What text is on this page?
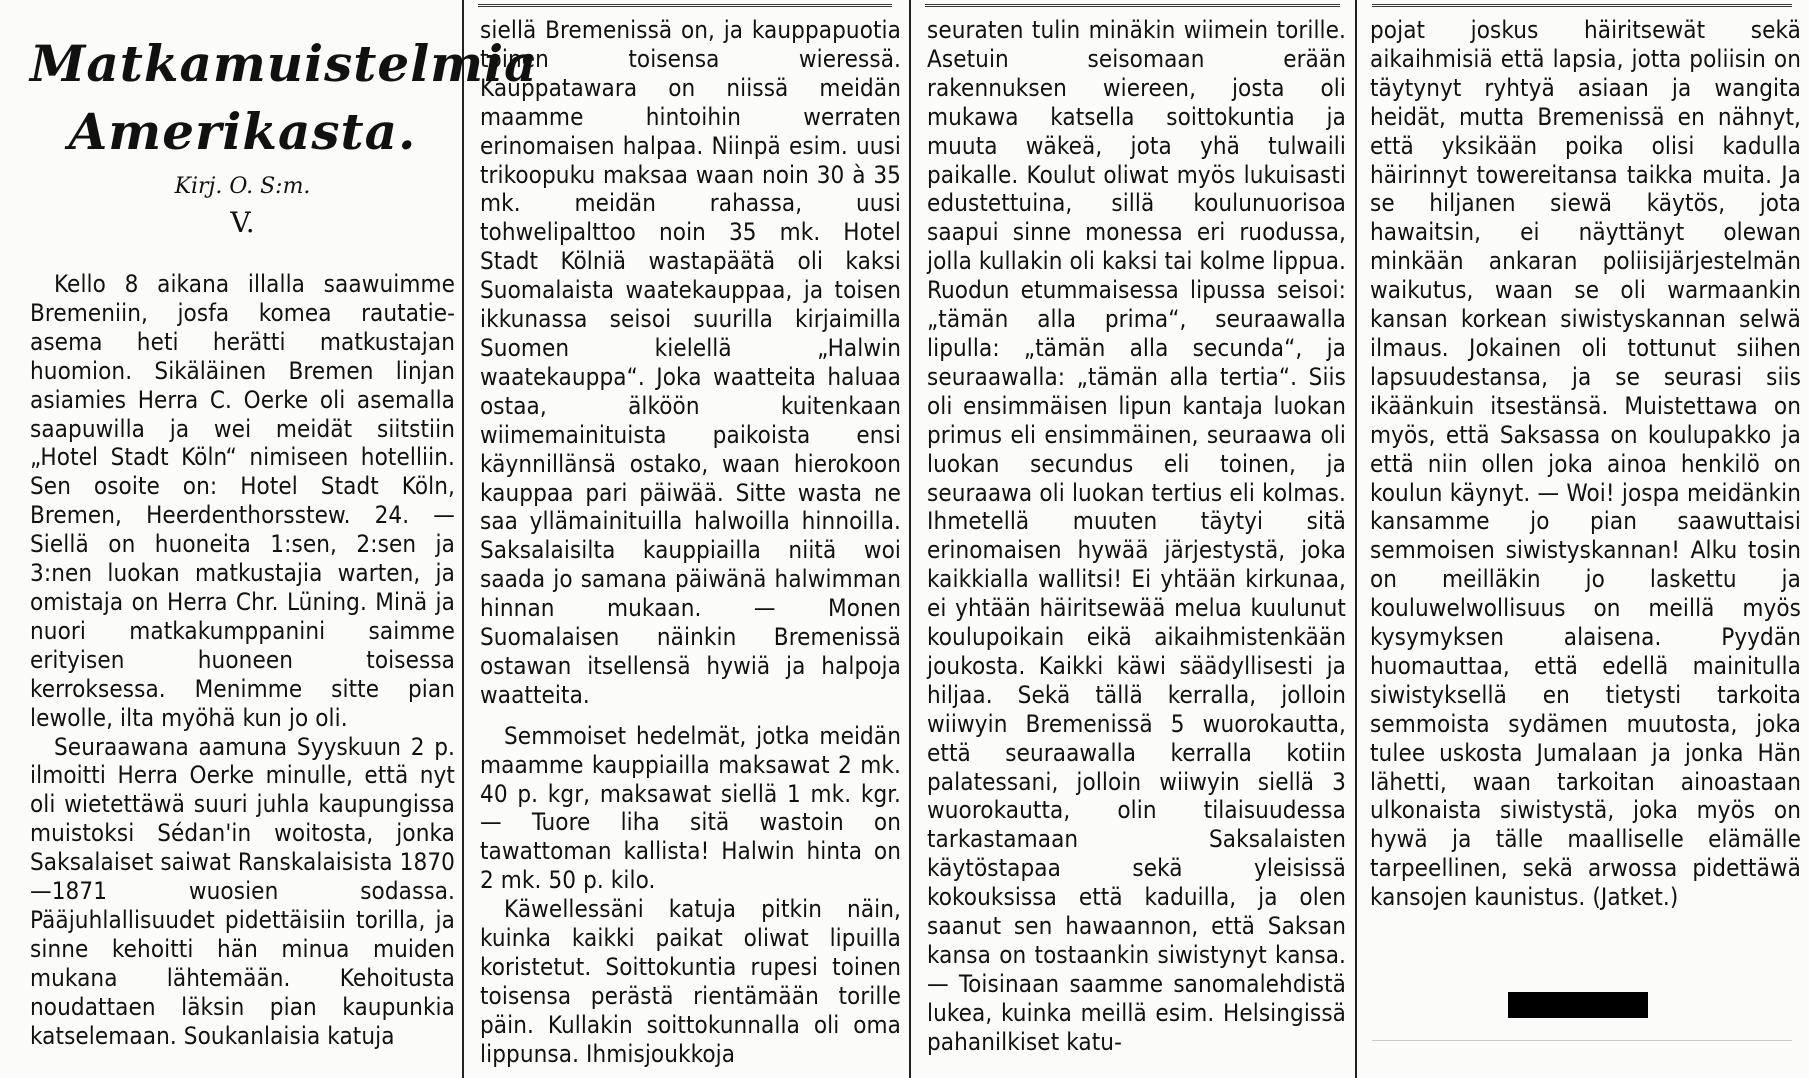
Matkamuistelmia
Amerikasta.
Kirj. O. S:m.
V.

Kello 8 aikana illalla saawuimme Bremeniin, josfa komea rautatie-asema heti herätti matkustajan huomion. Sikäläinen Bremen linjan asiamies Herra C. Oerke oli asemalla saapuwilla ja wei meidät siitstiin „Hotel Stadt Köln“ nimiseen hotelliin. Sen osoite on: Hotel Stadt Köln, Bremen, Heerdenthorsstew. 24. — Siellä on huoneita 1:sen, 2:sen ja 3:nen luokan matkustajia warten, ja omistaja on Herra Chr. Lüning. Minä ja nuori matkakumppanini saimme erityisen huoneen toisessa kerroksessa. Menimme sitte pian lewolle, ilta myöhä kun jo oli.

Seuraawana aamuna Syyskuun 2 p. ilmoitti Herra Oerke minulle, että nyt oli wietettäwä suuri juhla kaupungissa muistoksi Sédan'in woitosta, jonka Saksalaiset saiwat Ranskalaisista 1870—1871 wuosien sodassa. Pääjuhlallisuudet pidettäisiin torilla, ja sinne kehoitti hän minua muiden mukana lähtemään. Kehoitusta noudattaen läksin pian kaupunkia katselemaan. Soukanlaisia katuja

siellä Bremenissä on, ja kauppapuotia toinen toisensa wieressä. Kauppatawara on niissä meidän maamme hintoihin werraten erinomaisen halpaa. Niinpä esim. uusi trikoopuku maksaa waan noin 30 à 35 mk. meidän rahassa, uusi tohwelipalttoo noin 35 mk. Hotel Stadt Kölniä wastapäätä oli kaksi Suomalaista waatekauppaa, ja toisen ikkunassa seisoi suurilla kirjaimilla Suomen kielellä „Halwin waatekauppa“. Joka waatteita haluaa ostaa, älköön kuitenkaan wiimemainituista paikoista ensi käynnillänsä ostako, waan hierokoon kauppaa pari päiwää. Sitte wasta ne saa yllämainituilla halwoilla hinnoilla. Saksalaisilta kauppiailla niitä woi saada jo samana päiwänä halwimman hinnan mukaan. — Monen Suomalaisen näinkin Bremenissä ostawan itsellensä hywiä ja halpoja waatteita.

Semmoiset hedelmät, jotka meidän maamme kauppiailla maksawat 2 mk. 40 p. kgr, maksawat siellä 1 mk. kgr. — Tuore liha sitä wastoin on tawattoman kallista! Halwin hinta on 2 mk. 50 p. kilo.

Käwellessäni katuja pitkin näin, kuinka kaikki paikat oliwat lipuilla koristetut. Soittokuntia rupesi toinen toisensa perästä rientämään torille päin. Kullakin soittokunnalla oli oma lippunsa. Ihmisjoukkoja

seuraten tulin minäkin wiimein torille. Asetuin seisomaan erään rakennuksen wiereen, josta oli mukawa katsella soittokuntia ja muuta wäkeä, jota yhä tulwaili paikalle. Koulut oliwat myös lukuisasti edustettuina, sillä koulunuorisoa saapui sinne monessa eri ruodussa, jolla kullakin oli kaksi tai kolme lippua. Ruodun etummaisessa lipussa seisoi: „tämän alla prima“, seuraawalla lipulla: „tämän alla secunda“, ja seuraawalla: „tämän alla tertia“. Siis oli ensimmäisen lipun kantaja luokan primus eli ensimmäinen, seuraawa oli luokan secundus eli toinen, ja seuraawa oli luokan tertius eli kolmas. Ihmetellä muuten täytyi sitä erinomaisen hywää järjestystä, joka kaikkialla wallitsi! Ei yhtään kirkunaa, ei yhtään häiritsewää melua kuulunut koulupoikain eikä aikaihmistenkään joukosta. Kaikki käwi säädyllisesti ja hiljaa. Sekä tällä kerralla, jolloin wiiwyin Bremenissä 5 wuorokautta, että seuraawalla kerralla kotiin palatessani, jolloin wiiwyin siellä 3 wuorokautta, olin tilaisuudessa tarkastamaan Saksalaisten käytöstapaa sekä yleisissä kokouksissa että kaduilla, ja olen saanut sen hawaannon, että Saksan kansa on tostaankin siwistynyt kansa. — Toisinaan saamme sanomalehdistä lukea, kuinka meillä esim. Helsingissä pahanilkiset katu-

pojat joskus häiritsewät sekä aikaihmisiä että lapsia, jotta poliisin on täytynyt ryhtyä asiaan ja wangita heidät, mutta Bremenissä en nähnyt, että yksikään poika olisi kadulla häirinnyt towereitansa taikka muita. Ja se hiljanen siewä käytös, jota hawaitsin, ei näyttänyt olewan minkään ankaran poliisijärjestelmän waikutus, waan se oli warmaankin kansan korkean siwistyskannan selwä ilmaus. Jokainen oli tottunut siihen lapsuudestansa, ja se seurasi siis ikäänkuin itsestänsä. Muistettawa on myös, että Saksassa on koulupakko ja että niin ollen joka ainoa henkilö on koulun käynyt. — Woi! jospa meidänkin kansamme jo pian saawuttaisi semmoisen siwistyskannan! Alku tosin on meilläkin jo laskettu ja kouluwelwollisuus on meillä myös kysymyksen alaisena. Pyydän huomauttaa, että edellä mainitulla siwistyksellä en tietysti tarkoita semmoista sydämen muutosta, joka tulee uskosta Jumalaan ja jonka Hän lähetti, waan tarkoitan ainoastaan ulkonaista siwistystä, joka myös on hywä ja tälle maalliselle elämälle tarpeellinen, sekä arwossa pidettäwä kansojen kaunistus. (Jatket.)
